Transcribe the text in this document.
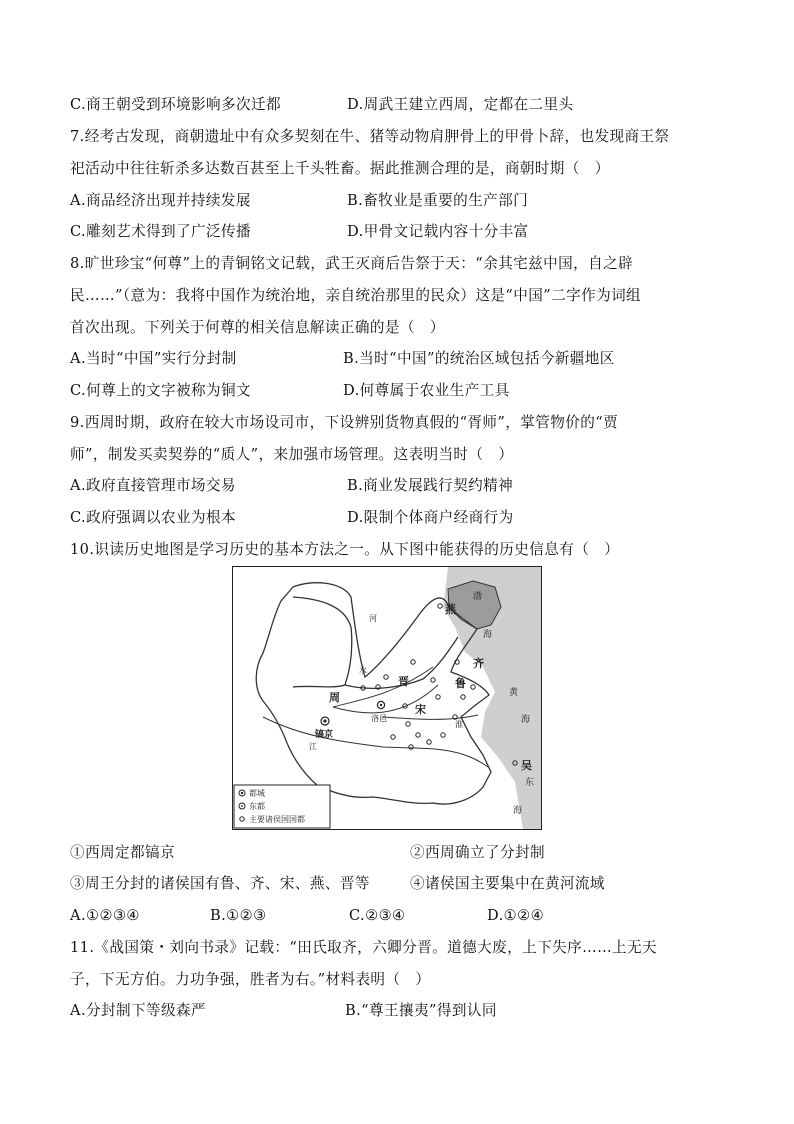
C.商王朝受到环境影响多次迁都	D.周武王建立西周，定都在二里头
7.经考古发现，商朝遗址中有众多契刻在牛、猪等动物肩胛骨上的甲骨卜辞，也发现商王祭
祀活动中往往斩杀多达数百甚至上千头牲畜。据此推测合理的是，商朝时期（　）
A.商品经济出现并持续发展	B.畜牧业是重要的生产部门
C.雕刻艺术得到了广泛传播	D.甲骨文记载内容十分丰富
8.旷世珍宝“何尊”上的青铜铭文记载，武王灭商后告祭于天：“余其宅兹中国，自之辟
民……”（意为：我将中国作为统治地，亲自统治那里的民众）这是“中国”二字作为词组
首次出现。下列关于何尊的相关信息解读正确的是（　）
A.当时“中国”实行分封制	B.当时“中国”的统治区域包括今新疆地区
C.何尊上的文字被称为铜文	D.何尊属于农业生产工具
9.西周时期，政府在较大市场设司市，下设辨别货物真假的“胥师”，掌管物价的“贾
师”，制发买卖契券的“质人”，来加强市场管理。这表明当时（　）
A.政府直接管理市场交易	B.商业发展践行契约精神
C.政府强调以农业为根本	D.限制个体商户经商行为
10.识读历史地图是学习历史的基本方法之一。从下图中能获得的历史信息有（　）
燕
齐
晋	鲁
宋
周
洛邑
镐京
吴
河
水
江
淮
渤
海
黄
海
东
海
都城
东都
主要诸侯国国都
①西周定都镐京	②西周确立了分封制
③周王分封的诸侯国有鲁、齐、宋、燕、晋等	④诸侯国主要集中在黄河流域
A.①②③④	B.①②③	C.②③④	D.①②④
11.《战国策・刘向书录》记载：“田氏取齐，六卿分晋。道德大废，上下失序……上无天
子，下无方伯。力功争强，胜者为右。”材料表明（　）
A.分封制下等级森严	B.“尊王攘夷”得到认同
